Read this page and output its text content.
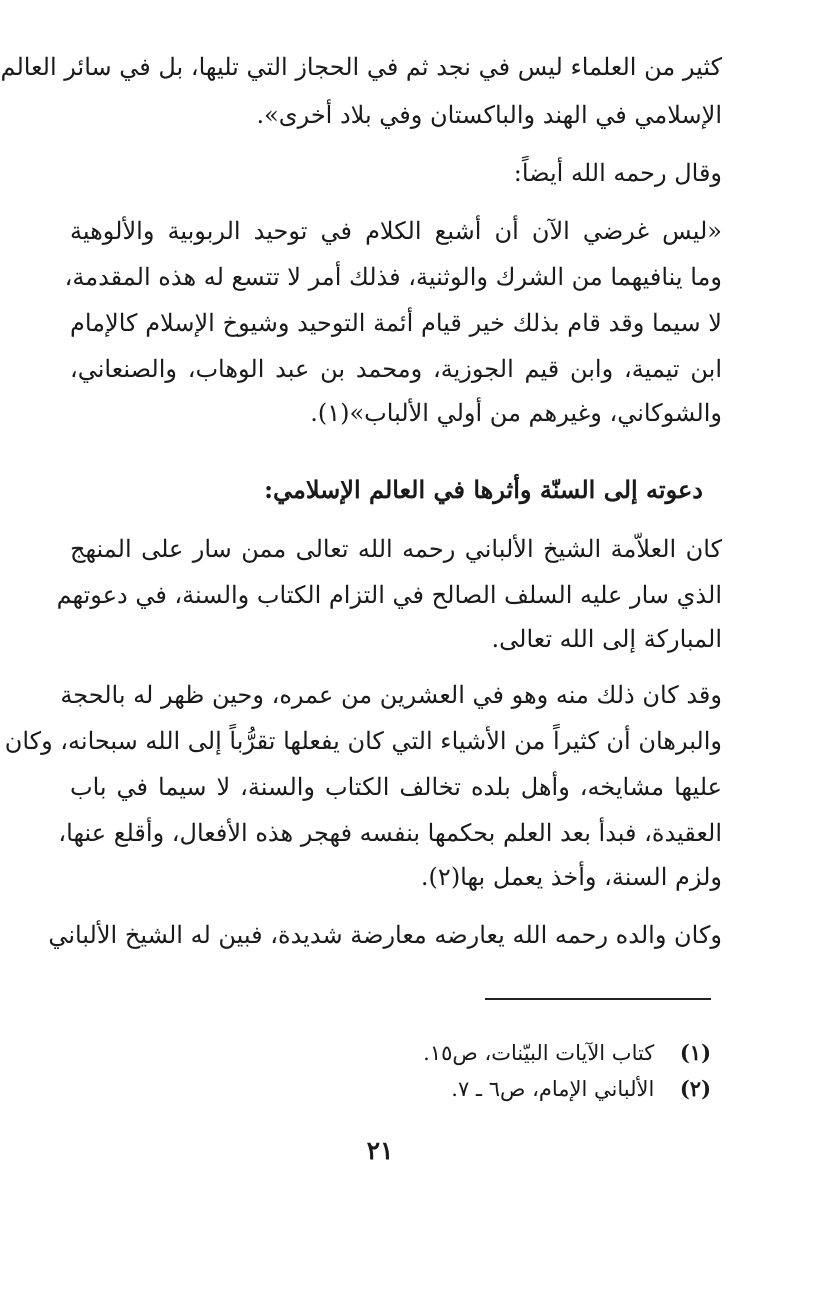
كثير من العلماء ليس في نجد ثم في الحجاز التي تليها، بل في سائر العالم
الإسلامي في الهند والباكستان وفي بلاد أخرى».
وقال رحمه الله أيضاً:
«ليس غرضي الآن أن أشبع الكلام في توحيد الربوبية والألوهية
وما ينافيهما من الشرك والوثنية، فذلك أمر لا تتسع له هذه المقدمة،
لا سيما وقد قام بذلك خير قيام أئمة التوحيد وشيوخ الإسلام كالإمام
ابن تيمية، وابن قيم الجوزية، ومحمد بن عبد الوهاب، والصنعاني،
والشوكاني، وغيرهم من أولي الألباب»(١).
دعوته إلى السنّة وأثرها في العالم الإسلامي:
كان العلاّمة الشيخ الألباني رحمه الله تعالى ممن سار على المنهج
الذي سار عليه السلف الصالح في التزام الكتاب والسنة، في دعوتهم
المباركة إلى الله تعالى.
وقد كان ذلك منه وهو في العشرين من عمره، وحين ظهر له بالحجة
والبرهان أن كثيراً من الأشياء التي كان يفعلها تقرُّباً إلى الله سبحانه، وكان
عليها مشايخه، وأهل بلده تخالف الكتاب والسنة، لا سيما في باب
العقيدة، فبدأ بعد العلم بحكمها بنفسه فهجر هذه الأفعال، وأقلع عنها،
ولزم السنة، وأخذ يعمل بها(٢).
وكان والده رحمه الله يعارضه معارضة شديدة، فبين له الشيخ الألباني
(١) كتاب الآيات البيّنات، ص١٥.
(٢) الألباني الإمام، ص٦ ـ ٧.
٢١
